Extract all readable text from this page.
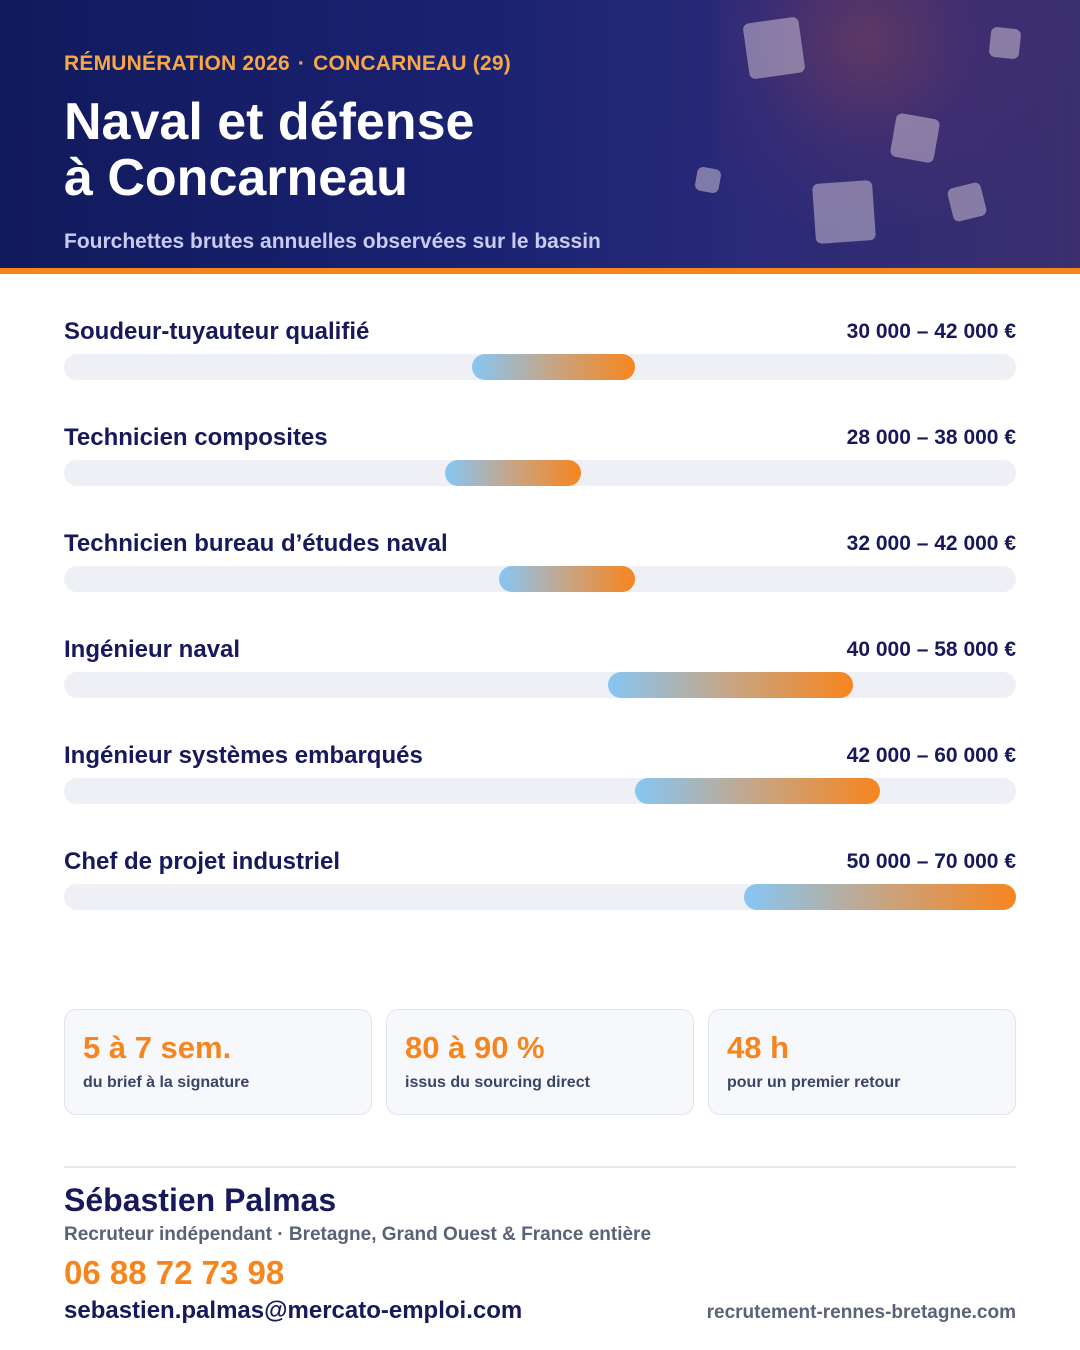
RÉMUNÉRATION 2026 · CONCARNEAU (29)
Naval et défense
à Concarneau
Fourchettes brutes annuelles observées sur le bassin
Soudeur-tuyauteur qualifié	30 000 – 42 000 €
Technicien composites	28 000 – 38 000 €
Technicien bureau d’études naval	32 000 – 42 000 €
Ingénieur naval	40 000 – 58 000 €
Ingénieur systèmes embarqués	42 000 – 60 000 €
Chef de projet industriel	50 000 – 70 000 €
5 à 7 sem.
du brief à la signature
80 à 90 %
issus du sourcing direct
48 h
pour un premier retour
Sébastien Palmas
Recruteur indépendant · Bretagne, Grand Ouest & France entière
06 88 72 73 98
sebastien.palmas@mercato-emploi.com	recrutement-rennes-bretagne.com
